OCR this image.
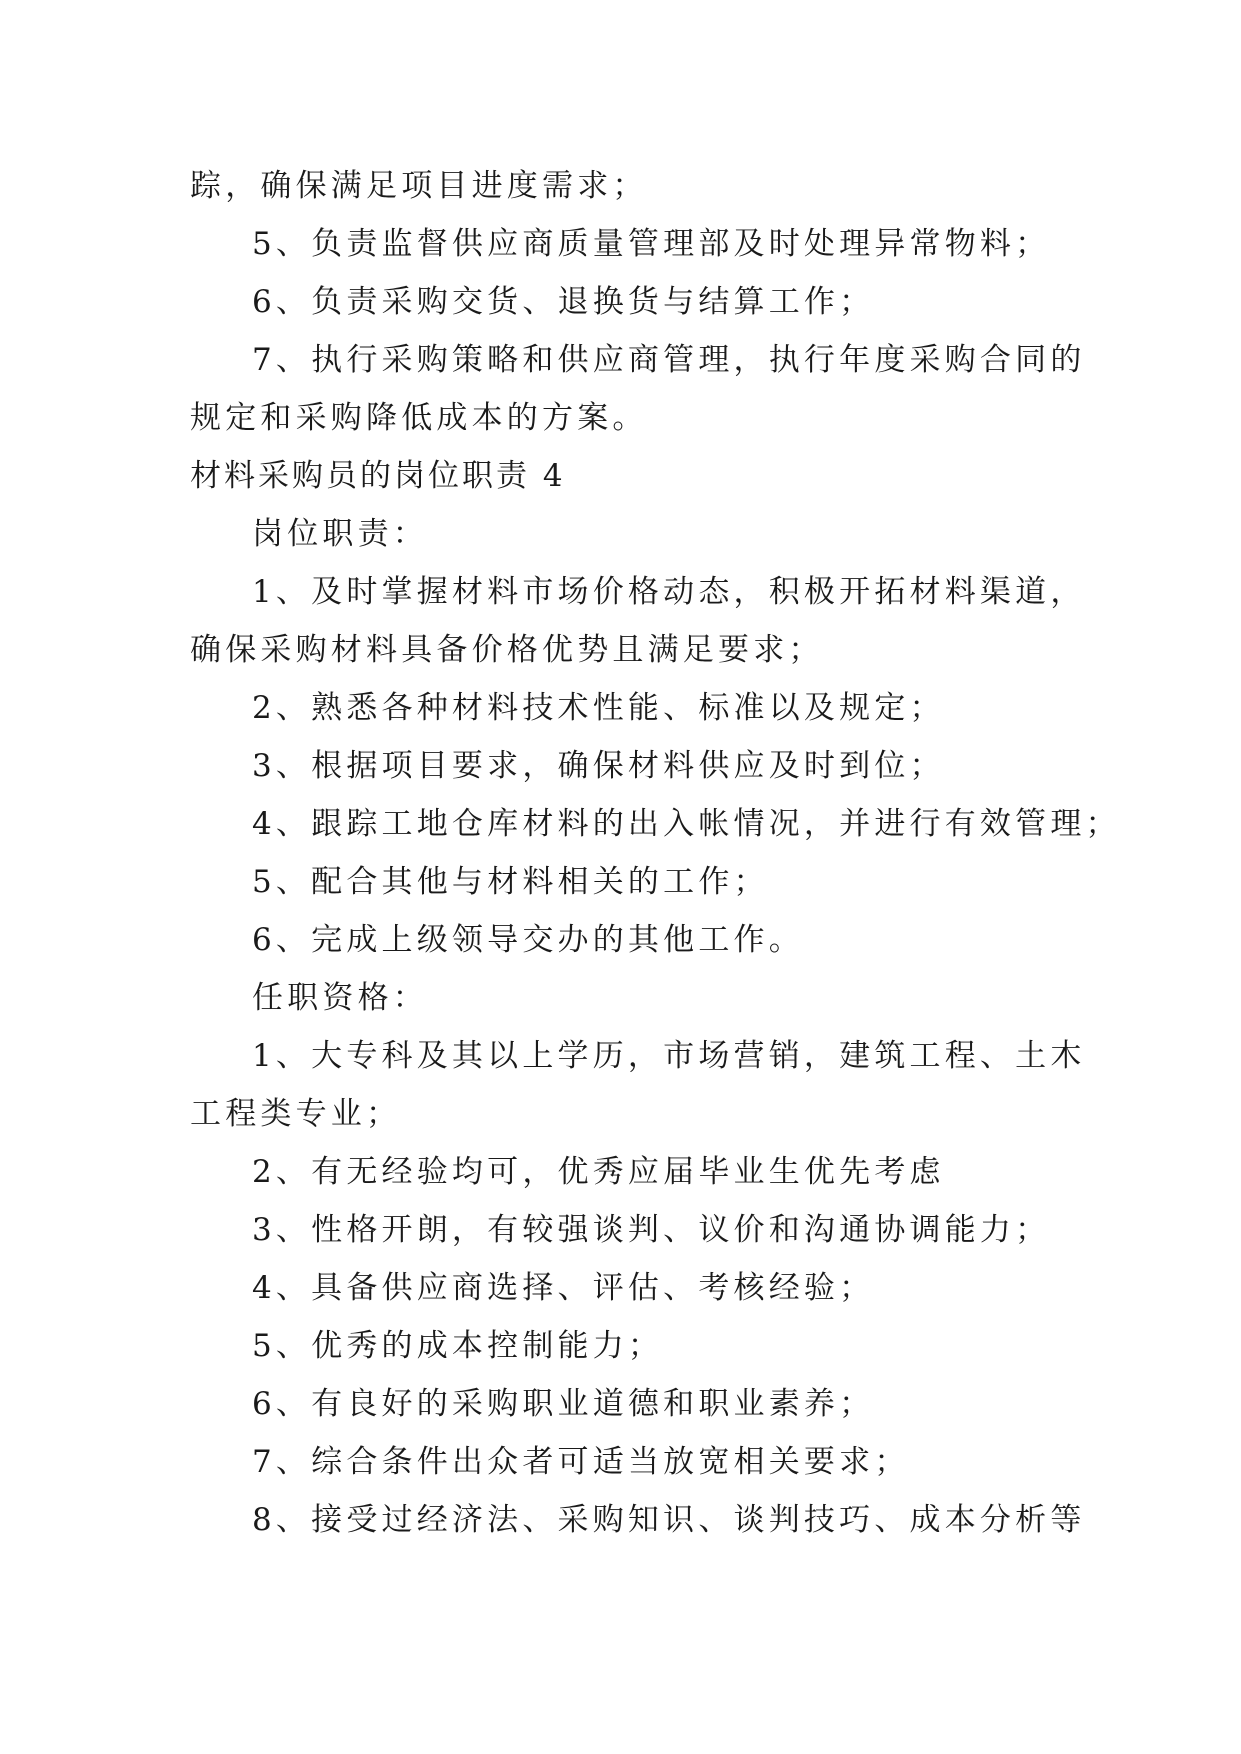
踪，确保满足项目进度需求；
5、负责监督供应商质量管理部及时处理异常物料；
6、负责采购交货、退换货与结算工作；
7、执行采购策略和供应商管理，执行年度采购合同的
规定和采购降低成本的方案。
材料采购员的岗位职责 4
岗位职责：
1、及时掌握材料市场价格动态，积极开拓材料渠道，
确保采购材料具备价格优势且满足要求；
2、熟悉各种材料技术性能、标准以及规定；
3、根据项目要求，确保材料供应及时到位；
4、跟踪工地仓库材料的出入帐情况，并进行有效管理；
5、配合其他与材料相关的工作；
6、完成上级领导交办的其他工作。
任职资格：
1、大专科及其以上学历，市场营销，建筑工程、土木
工程类专业；
2、有无经验均可，优秀应届毕业生优先考虑
3、性格开朗，有较强谈判、议价和沟通协调能力；
4、具备供应商选择、评估、考核经验；
5、优秀的成本控制能力；
6、有良好的采购职业道德和职业素养；
7、综合条件出众者可适当放宽相关要求；
8、接受过经济法、采购知识、谈判技巧、成本分析等
